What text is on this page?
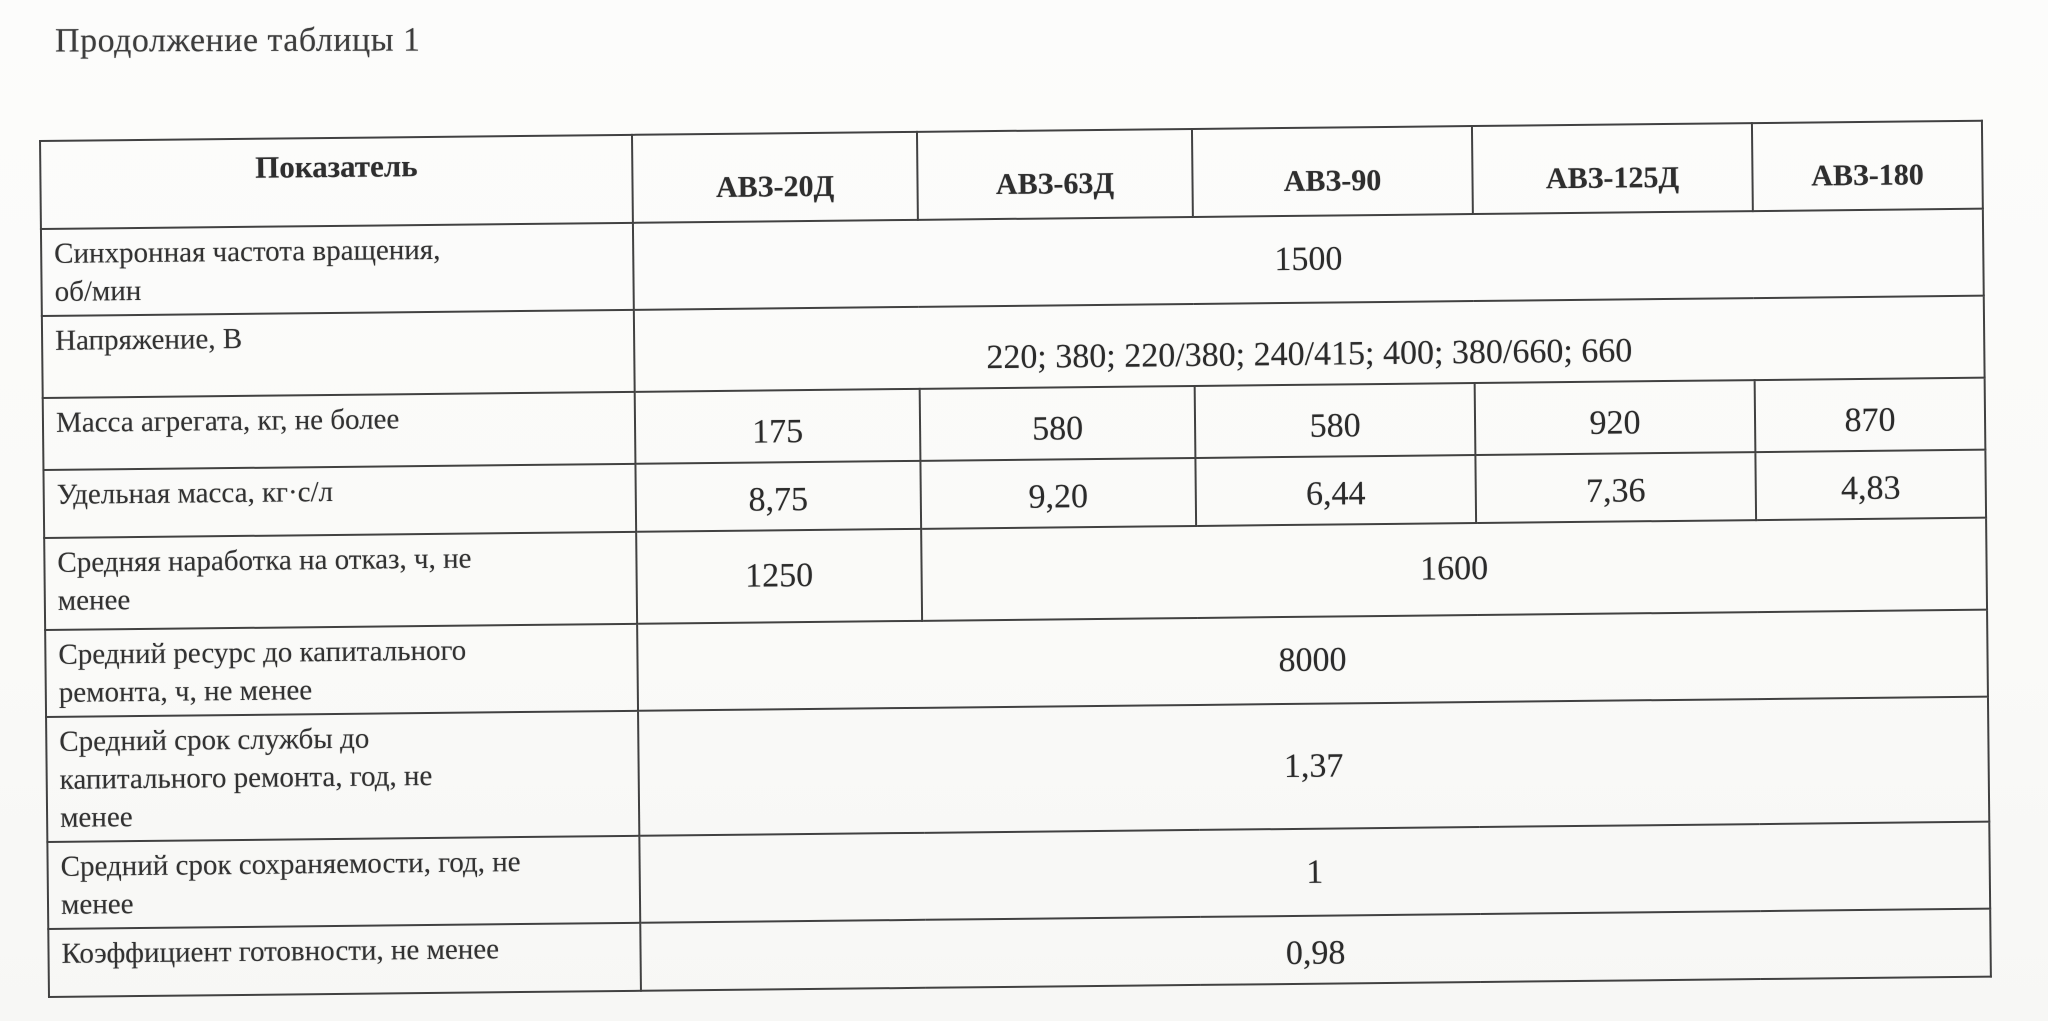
Продолжение таблицы 1
Показатель	АВЗ-20Д	АВЗ-63Д	АВЗ-90	АВЗ-125Д	АВЗ-180
Синхронная частота вращения,
об/мин	1500				
Напряжение, В	220; 380; 220/380; 240/415; 400; 380/660; 660				
Масса агрегата, кг, не более	175	580	580	920	870
Удельная масса, кг·с/л	8,75	9,20	6,44	7,36	4,83
Средняя наработка на отказ, ч, не
менее	1250	1600			
Средний ресурс до капитального
ремонта, ч, не менее	8000				
Средний срок службы до
капитального ремонта, год, не
менее	1,37				
Средний срок сохраняемости, год, не
менее	1				
Коэффициент готовности, не менее	0,98				
